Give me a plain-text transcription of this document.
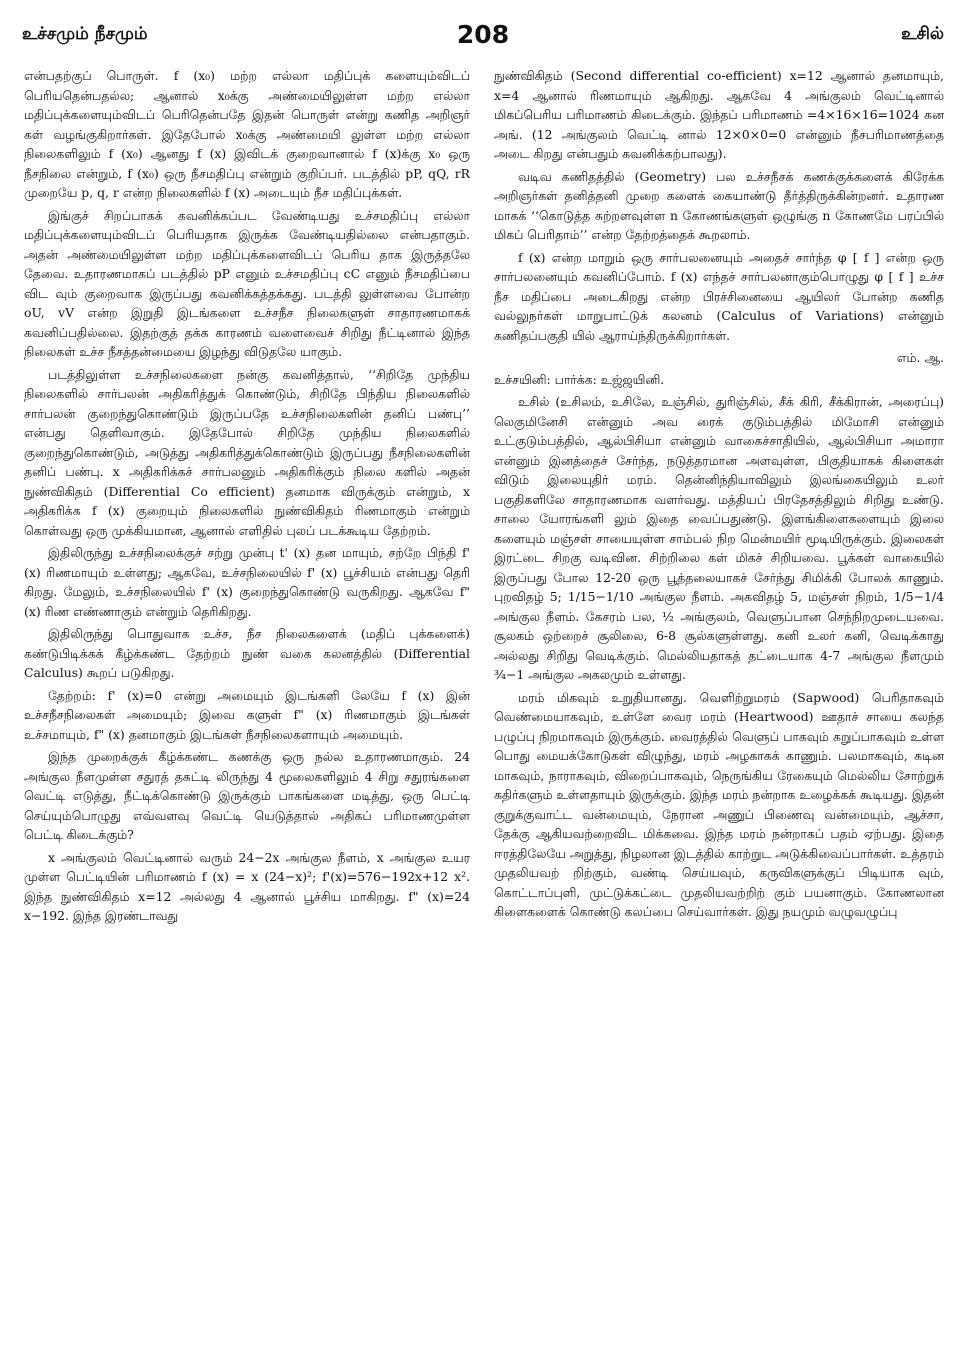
உச்சமும் நீசமும்	208	உசில்

என்பதற்குப் பொருள். f (x₀) மற்ற எல்லா மதிப்புக் களையும்விடப் பெரியதென்பதல்ல; ஆனால் x₀க்கு அண்மையிலுள்ள மற்ற எல்லா மதிப்புக்களையும்விடப் பெரிதென்பதே இதன் பொருள் என்று கணித அறிஞர் கள் வழங்குகிறார்கள். இதேபோல் x₀க்கு அண்மையி லுள்ள மற்ற எல்லா நிலைகளிலும் f (x₀) ஆனது f (x) இவிடக் குறைவானால் f (x)க்கு x₀ ஒரு நீசநிலை என்றும், f (x₀) ஒரு நீசமதிப்பு என்றும் குறிப்பர். படத்தில் pP, qQ, rR முறையே p, q, r என்ற நிலைகளில் f (x) அடையும் நீச மதிப்புக்கள்.

இங்குச் சிறப்பாகக் கவனிக்கப்பட வேண்டியது உச்சமதிப்பு எல்லா மதிப்புக்களையும்விடப் பெரியதாக இருக்க வேண்டியதில்லை என்பதாகும். அதன் அண்மையிலுள்ள மற்ற மதிப்புக்களைவிடப் பெரிய தாக இருத்தலே தேவை. உதாரணமாகப் படத்தில் pP எனும் உச்சமதிப்பு cC எனும் நீசமதிப்பை விட வும் குறைவாக இருப்பது கவனிக்கத்தக்கது. படத்தி லுள்ளவை போன்ற oU, vV என்ற இறுதி இடங்களை உச்சநீச நிலைகளுள் சாதாரணமாகக் கவனிப்பதில்லை. இதற்குத் தக்க காரணம் வளைவைச் சிறிது நீட்டினால் இந்த நிலைகள் உச்ச நீசத்தன்மையை இழந்து விடுதலே யாகும்.

படத்திலுள்ள உச்சநிலைகளை நன்கு கவனித்தால், ‘‘சிறிதே முந்திய நிலைகளில் சார்பலன் அதிகரித்துக் கொண்டும், சிறிதே பிந்திய நிலைகளில் சார்பலன் குறைந்துகொண்டும் இருப்பதே உச்சநிலைகளின் தனிப் பண்பு’’ என்பது தெளிவாகும். இதேபோல் சிறிதே முந்திய நிலைகளில் குறைந்துகொண்டும், அடுத்து அதிகரித்துக்கொண்டும் இருப்பது நீசநிலைகளின் தனிப் பண்பு. x அதிகரிக்கச் சார்பலனும் அதிகரிக்கும் நிலை களில் அதன் நுண்விகிதம் (Differential Co efficient) தனமாக விருக்கும் என்றும், x அதிகரிக்க f (x) குறையும் நிலைகளில் நுண்விகிதம் ரிணமாகும் என்றும் கொள்வது ஒரு முக்கியமான, ஆனால் எளிதில் புலப் படக்கூடிய தேற்றம்.

இதிலிருந்து உச்சநிலைக்குச் சற்று முன்பு t' (x) தன மாயும், சற்றே பிந்தி f' (x) ரிணமாயும் உள்ளது; ஆகவே, உச்சநிலையில் f' (x) பூச்சியம் என்பது தெரி கிறது. மேலும், உச்சநிலையில் f' (x) குறைந்துகொண்டு வருகிறது. ஆகவே f" (x) ரிண எண்ணாகும் என்றும் தெரிகிறது.

இதிலிருந்து பொதுவாக உச்ச, நீச நிலைகளைக் (மதிப் புக்களைக்) கண்டுபிடிக்கக் கீழ்க்கண்ட தேற்றம் நுண் வகை கலனத்தில் (Differential Calculus) கூறப் படுகிறது.

தேற்றம்: f' (x)=0 என்று அமையும் இடங்களி லேயே f (x) இன் உச்சநீசநிலைகள் அமையும்; இவை களுள் f" (x) ரிணமாகும் இடங்கள் உச்சமாயும், f" (x) தனமாகும் இடங்கள் நீசநிலைகளாயும் அமையும்.

இந்த முறைக்குக் கீழ்க்கண்ட கணக்கு ஒரு நல்ல உதாரணமாகும். 24 அங்குல நீளமுள்ள சதுரத் தகட்டி லிருந்து 4 மூலைகளிலும் 4 சிறு சதுரங்களை வெட்டி எடுத்து, நீட்டிக்கொண்டு இருக்கும் பாகங்களை மடித்து, ஒரு பெட்டி செய்யும்பொழுது எவ்வளவு வெட்டி யெடுத்தால் அதிகப் பரிமாணமுள்ள பெட்டி கிடைக்கும்?

x அங்குலம் வெட்டினால் வரும் 24−2x அங்குல நீளம், x அங்குல உயர முள்ள பெட்டியின் பரிமாணம் f (x) = x (24−x)²; f'(x)=576−192x+12 x². இந்த நுண்விகிதம் x=12 அல்லது 4 ஆனால் பூச்சிய மாகிறது. f" (x)=24 x−192. இந்த இரண்டாவது

நுண்விகிதம் (Second differential co-efficient) x=12 ஆனால் தனமாயும், x=4 ஆனால் ரிணமாயும் ஆகிறது. ஆகவே 4 அங்குலம் வெட்டினால் மிகப்பெரிய பரிமாணம் கிடைக்கும். இந்தப் பரிமாணம் =4×16×16=1024 கன அங். (12 அங்குலம் வெட்டி னால் 12×0×0=0 என்னும் நீசபரிமாணத்தை அடை கிறது என்பதும் கவனிக்கற்பாலது).

வடிவ கணிதத்தில் (Geometry) பல உச்சநீசக் கணக்குக்களைக் கிரேக்க அறிஞர்கள் தனித்தனி முறை களைக் கையாண்டு தீர்த்திருக்கின்றனர். உதாரண மாகக் ‘‘கொடுத்த சுற்றளவுள்ள n கோணங்களுள் ஒழுங்கு n கோணமே பரப்பில் மிகப் பெரிதாம்’’ என்ற தேற்றத்தைக் கூறலாம்.

f (x) என்ற மாறும் ஒரு சார்பலனையும் அதைச் சார்ந்த φ [ f ] என்ற ஒரு சார்பலனையும் கவனிப்போம். f (x) எந்தச் சார்பலனாகும்பொழுது φ [ f ] உச்ச நீச மதிப்பை அடைகிறது என்ற பிரச்சினையை ஆயிலர் போன்ற கணித வல்லுநர்கள் மாறுபாட்டுக் கலனம் (Calculus of Variations) என்னும் கணிதப்பகுதி யில் ஆராய்ந்திருக்கிறார்கள்.

எம். ஆ.

உச்சயினி: பார்க்க: உஜ்ஜயினி.

உசில் (உசிலம், உசிலே, உஞ்சில், துரிஞ்சில், சீக் கிரி, சீக்கிரான், அரைப்பு) லெகுமினேசி என்னும் அவ ரைக் குடும்பத்தில் மிமோசி என்னும் உட்குடும்பத்தில், ஆல்பிசியா என்னும் வாகைச்சாதியில், ஆல்பிசியா அமாரா என்னும் இனத்தைச் சேர்ந்த, நடுத்தரமான அளவுள்ள, பிகுதியாகக் கிளைகள் விடும் இலையுதிர் மரம். தென்னிந்தியாவிலும் இலங்கையிலும் உலர் பகுதிகளிலே சாதாரணமாக வளர்வது. மத்தியப் பிரதேசத்திலும் சிறிது உண்டு. சாலை யோரங்களி லும் இதை வைப்பதுண்டு. இளங்கிளைகளையும் இலை களையும் மஞ்சள் சாயையுள்ள சாம்பல் நிற மென்மயிர் மூடியிருக்கும். இலைகள் இரட்டை சிறகு வடிவின. சிற்றிலை கள் மிகச் சிறியவை. பூக்கள் வாகையில் இருப்பது போல 12-20 ஒரு பூத்தலையாகச் சேர்ந்து சிமிக்கி போலக் காணும். புறவிதழ் 5; 1/15−1/10 அங்குல நீளம். அகவிதழ் 5, மஞ்சள் நிறம், 1/5−1/4 அங்குல நீளம். கேசரம் பல, ½ அங்குலம், வெளுப்பான செந்நிறமுடையவை. சூலகம் ஒற்றைச் சூலிலை, 6-8 சூல்களுள்ளது. கனி உலர் கனி, வெடிக்காது அல்லது சிறிது வெடிக்கும். மெல்லியதாகத் தட்டையாக 4-7 அங்குல நீளமும் ¾−1 அங்குல அகலமும் உள்ளது.

மரம் மிகவும் உறுதியானது. வெளிற்றுமரம் (Sapwood) பெரிதாகவும் வெண்மையாகவும், உள்ளே வைர மரம் (Heartwood) ஊதாச் சாயை கலந்த பழுப்பு நிறமாகவும் இருக்கும். வைரத்தில் வெளுப் பாகவும் கறுப்பாகவும் உள்ள பொது மையக்கோடுகள் விழுந்து, மரம் அழகாகக் காணும். பலமாகவும், கடின மாகவும், நாராகவும், விறைப்பாகவும், நெருங்கிய ரேகையும் மெல்லிய சோற்றுக் கதிர்களும் உள்ளதாயும் இருக்கும். இந்த மரம் நன்றாக உழைக்கக் கூடியது. இதன் குறுக்குவாட்ட வன்மையும், நேரான அணுப் பிணைவு வன்மையும், ஆச்சா, தேக்கு ஆகியவற்றைவிட மிக்கவை. இந்த மரம் நன்றாகப் பதம் ஏற்பது. இதை ஈரத்திலேயே அறுத்து, நிழலான இடத்தில் காற்றுட அடுக்கிவைப்பார்கள். உத்தரம் முதலியவற் றிற்கும், வண்டி செய்யவும், கருவிகளுக்குப் பிடியாக வும், கொட்டாப்புளி, முட்டுக்கட்டை முதலியவற்றிற் கும் பயனாகும். கோணலான கிளைகளைக் கொண்டு கலப்பை செய்வார்கள். இது நயமும் வழுவழுப்பு
